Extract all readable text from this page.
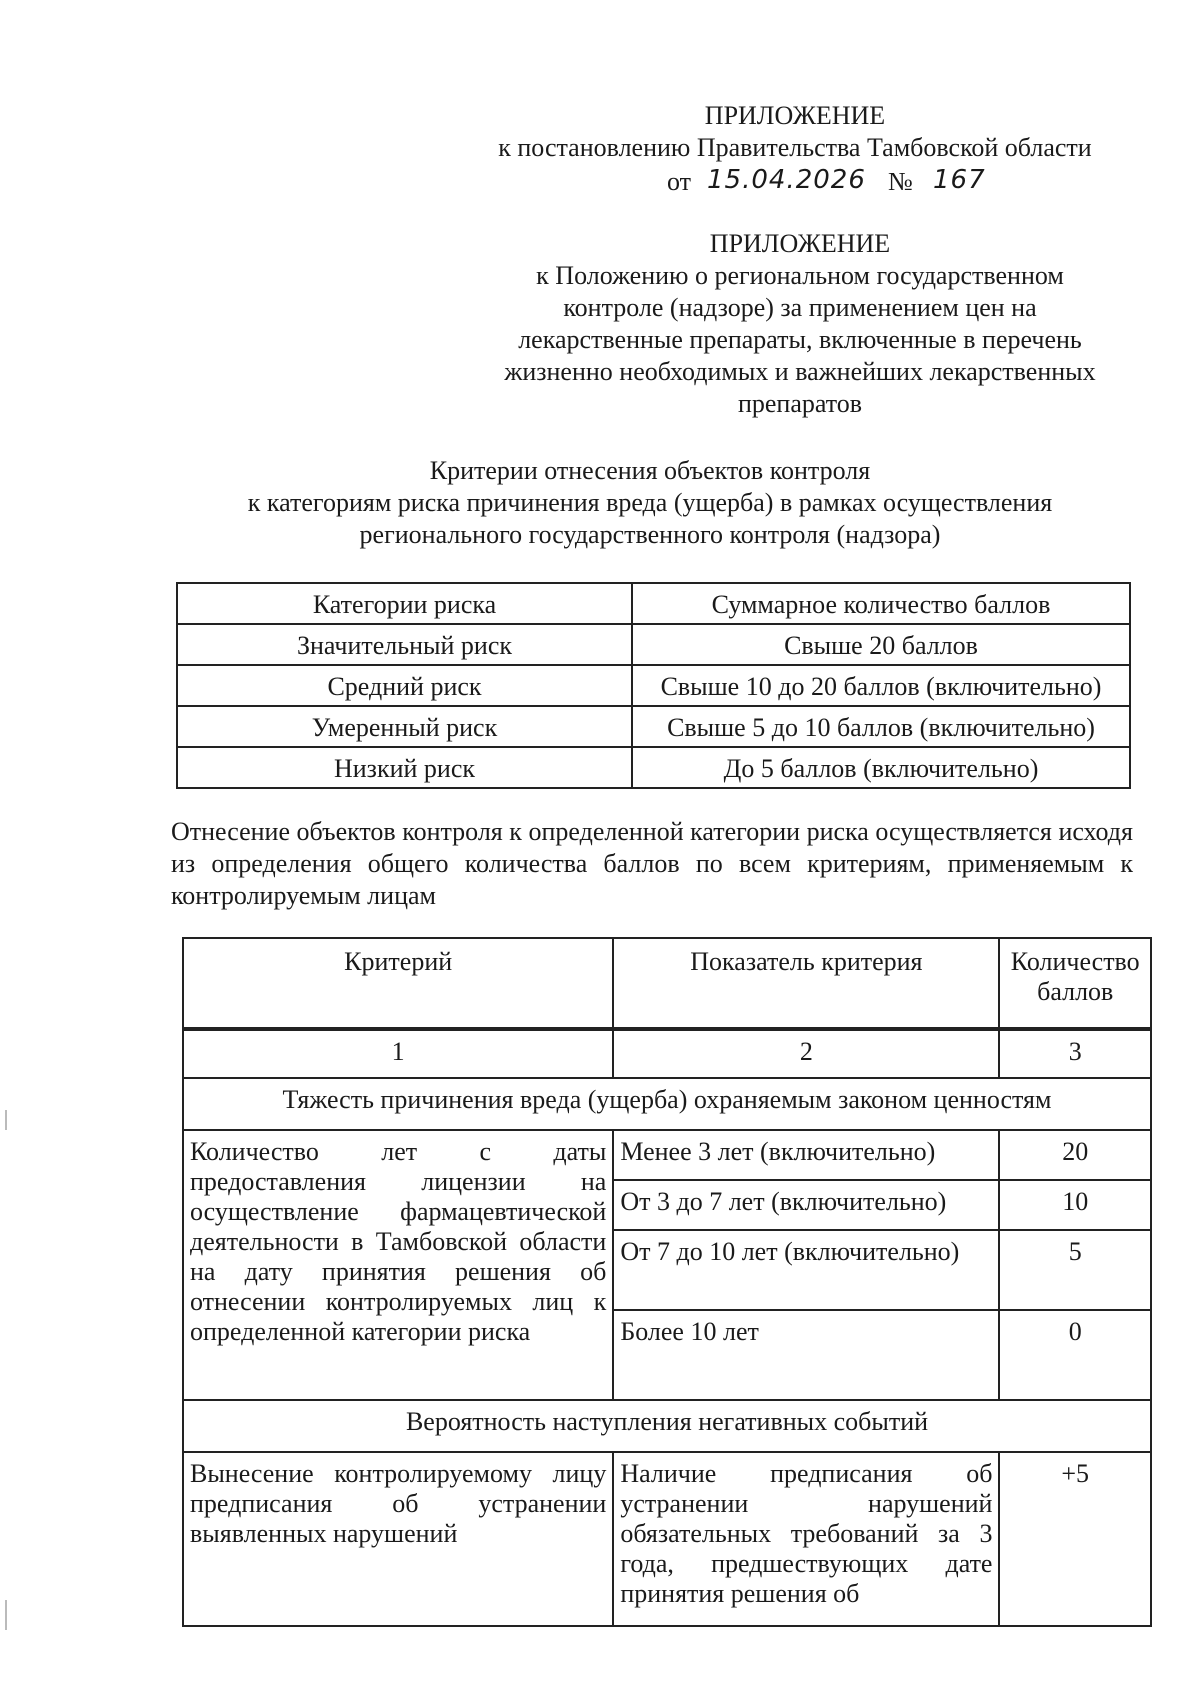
ПРИЛОЖЕНИЕ

к постановлению Правительства Тамбовской области

от 15.04.2026 № 167

ПРИЛОЖЕНИЕ

к Положению о региональном государственном

контроле (надзоре) за применением цен на

лекарственные препараты, включенные в перечень

жизненно необходимых и важнейших лекарственных

препаратов

Критерии отнесения объектов контроля

к категориям риска причинения вреда (ущерба) в рамках осуществления

регионального государственного контроля (надзора)

Категории риска	Суммарное количество баллов
Значительный риск	Свыше 20 баллов
Средний риск	Свыше 10 до 20 баллов (включительно)
Умеренный риск	Свыше 5 до 10 баллов (включительно)
Низкий риск	До 5 баллов (включительно)
Отнесение объектов контроля к определенной категории риска осуществляется исходя из определения общего количества баллов по всем критериям, применяемым к контролируемым лицам
Критерий	Показатель критерия	Количество баллов
1	2	3
Тяжесть причинения вреда (ущерба) охраняемым законом ценностям		
Количество лет с даты предоставления лицензии на осуществление фармацевтической деятельности в Тамбовской области на дату принятия решения об отнесении контролируемых лиц к определенной категории риска	Менее 3 лет (включительно)	20
	От 3 до 7 лет (включительно)	10
	От 7 до 10 лет (включительно)	5
	Более 10 лет	0
Вероятность наступления негативных событий		
Вынесение контролируемому лицу предписания об устранении выявленных нарушений	Наличие предписания об устранении нарушений обязательных требований за 3 года, предшествующих дате принятия решения об	+5
